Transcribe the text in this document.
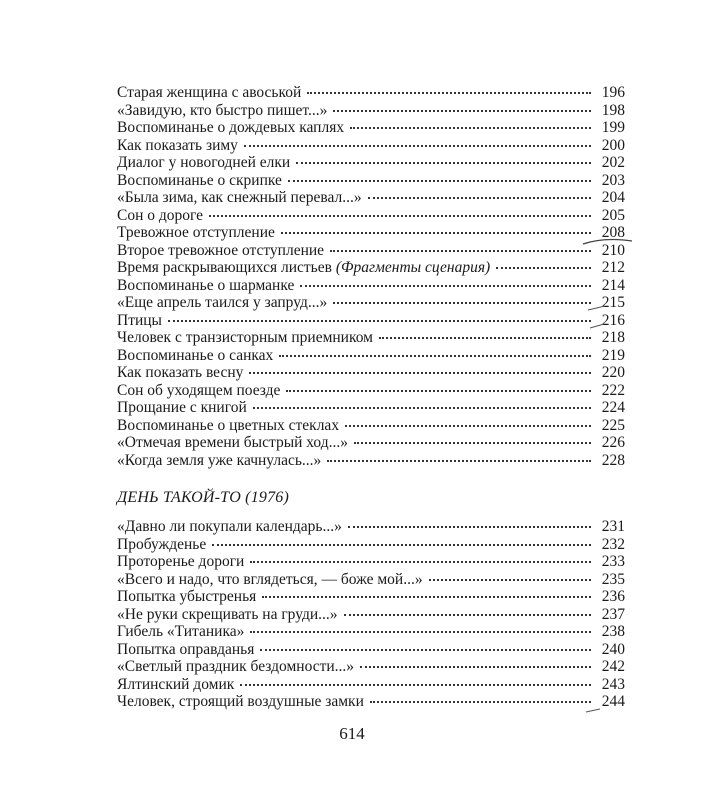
Старая женщина с авоськой	196
«Завидую, кто быстро пишет...»	198
Воспоминанье о дождевых каплях	199
Как показать зиму	200
Диалог у новогодней елки	202
Воспоминанье о скрипке	203
«Была зима, как снежный перевал...»	204
Сон о дороге	205
Тревожное отступление	208
Второе тревожное отступление	210
Время раскрывающихся листьев (Фрагменты сценария)	212
Воспоминанье о шарманке	214
«Еще апрель таился у запруд...»	215
Птицы	216
Человек с транзисторным приемником	218
Воспоминанье о санках	219
Как показать весну	220
Сон об уходящем поезде	222
Прощание с книгой	224
Воспоминанье о цветных стеклах	225
«Отмечая времени быстрый ход...»	226
«Когда земля уже качнулась...»	228
ДЕНЬ ТАКОЙ-ТО (1976)
«Давно ли покупали календарь...»	231
Пробужденье	232
Проторенье дороги	233
«Всего и надо, что вглядеться, — боже мой...»	235
Попытка убыстренья	236
«Не руки скрещивать на груди...»	237
Гибель «Титаника»	238
Попытка оправданья	240
«Светлый праздник бездомности...»	242
Ялтинский домик	243
Человек, строящий воздушные замки	244
614
